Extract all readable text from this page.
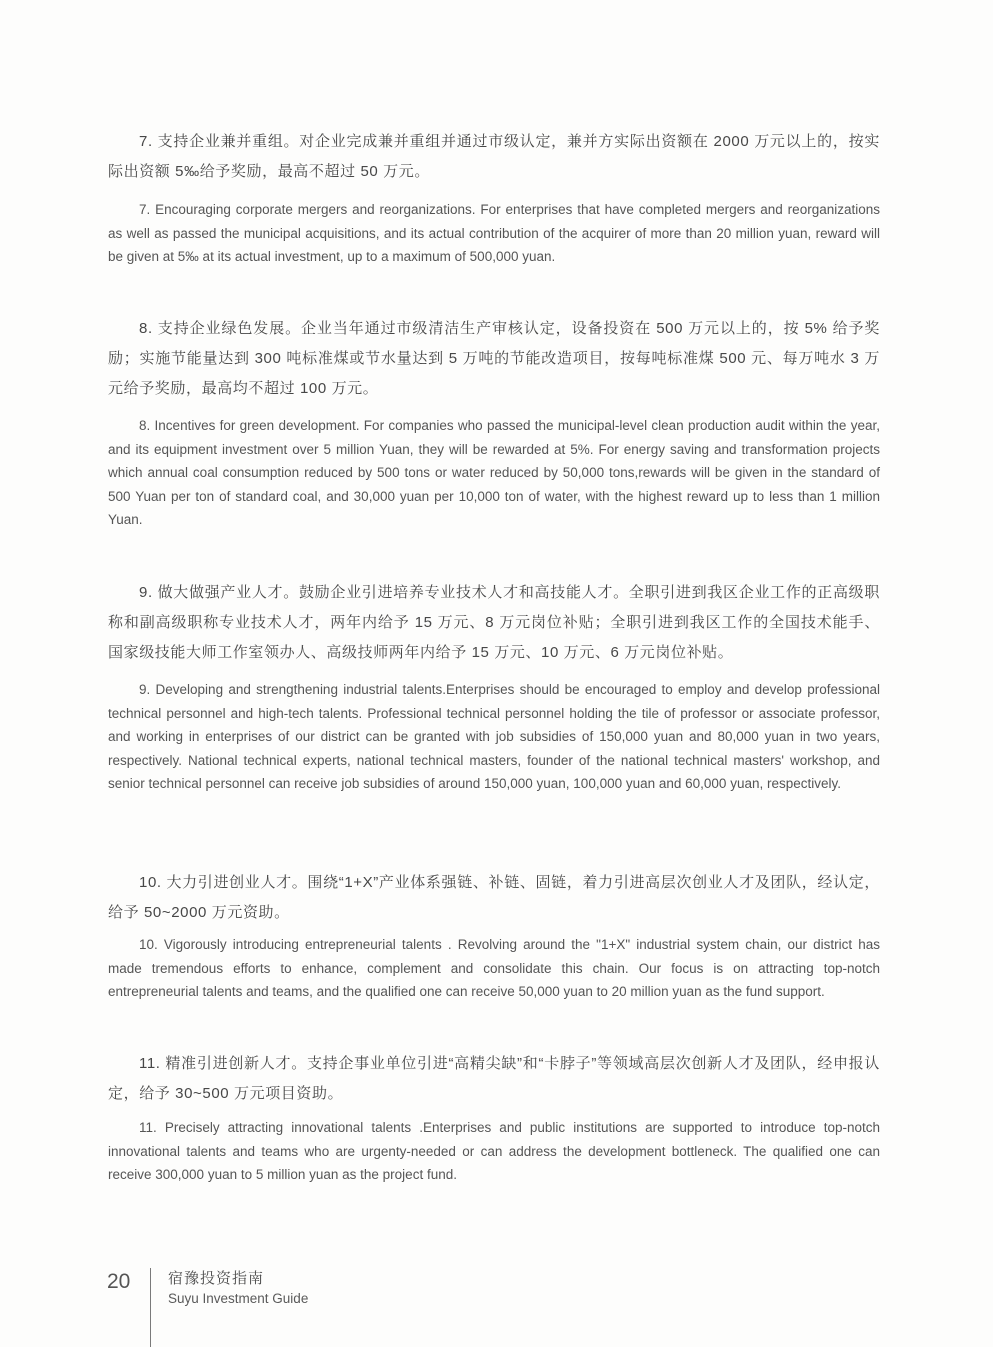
7. 支持企业兼并重组。对企业完成兼并重组并通过市级认定，兼并方实际出资额在 2000 万元以上的，按实际出资额 5‰给予奖励，最高不超过 50 万元。

7. Encouraging corporate mergers and reorganizations. For enterprises that have completed mergers and reorganizations as well as passed the municipal acquisitions, and its actual contribution of the acquirer of more than 20 million yuan, reward will be given at 5‰ at its actual investment, up to a maximum of 500,000 yuan.

8. 支持企业绿色发展。企业当年通过市级清洁生产审核认定，设备投资在 500 万元以上的，按 5% 给予奖励；实施节能量达到 300 吨标准煤或节水量达到 5 万吨的节能改造项目，按每吨标准煤 500 元、每万吨水 3 万元给予奖励，最高均不超过 100 万元。

8. Incentives for green development. For companies who passed the municipal-level clean production audit within the year, and its equipment investment over 5 million Yuan, they will be rewarded at 5%. For energy saving and transformation projects which annual coal consumption reduced by 500 tons or water reduced by 50,000 tons,rewards will be given in the standard of 500 Yuan per ton of standard coal, and 30,000 yuan per 10,000 ton of water, with the highest reward up to less than 1 million Yuan.

9. 做大做强产业人才。鼓励企业引进培养专业技术人才和高技能人才。全职引进到我区企业工作的正高级职称和副高级职称专业技术人才，两年内给予 15 万元、8 万元岗位补贴；全职引进到我区工作的全国技术能手、国家级技能大师工作室领办人、高级技师两年内给予 15 万元、10 万元、6 万元岗位补贴。

9. Developing and strengthening industrial talents.Enterprises should be encouraged to employ and develop professional technical personnel and high-tech talents. Professional technical personnel holding the tile of professor or associate professor, and working in enterprises of our district can be granted with job subsidies of 150,000 yuan and 80,000 yuan in two years, respectively. National technical experts, national technical masters, founder of the national technical masters' workshop, and senior technical personnel can receive job subsidies of around 150,000 yuan, 100,000 yuan and 60,000 yuan, respectively.

10. 大力引进创业人才。围绕“1+X”产业体系强链、补链、固链，着力引进高层次创业人才及团队，经认定，给予 50~2000 万元资助。

10. Vigorously introducing entrepreneurial talents . Revolving around the "1+X" industrial system chain, our district has made tremendous efforts to enhance, complement and consolidate this chain. Our focus is on attracting top-notch entrepreneurial talents and teams, and the qualified one can receive 50,000 yuan to 20 million yuan as the fund support.

11. 精准引进创新人才。支持企事业单位引进“高精尖缺”和“卡脖子”等领域高层次创新人才及团队，经申报认定，给予 30~500 万元项目资助。

11. Precisely attracting innovational talents .Enterprises and public institutions are supported to introduce top-notch innovational talents and teams who are urgenty-needed or can address the development bottleneck. The qualified one can receive 300,000 yuan to 5 million yuan as the project fund.

20	宿豫投资指南
Suyu Investment Guide
